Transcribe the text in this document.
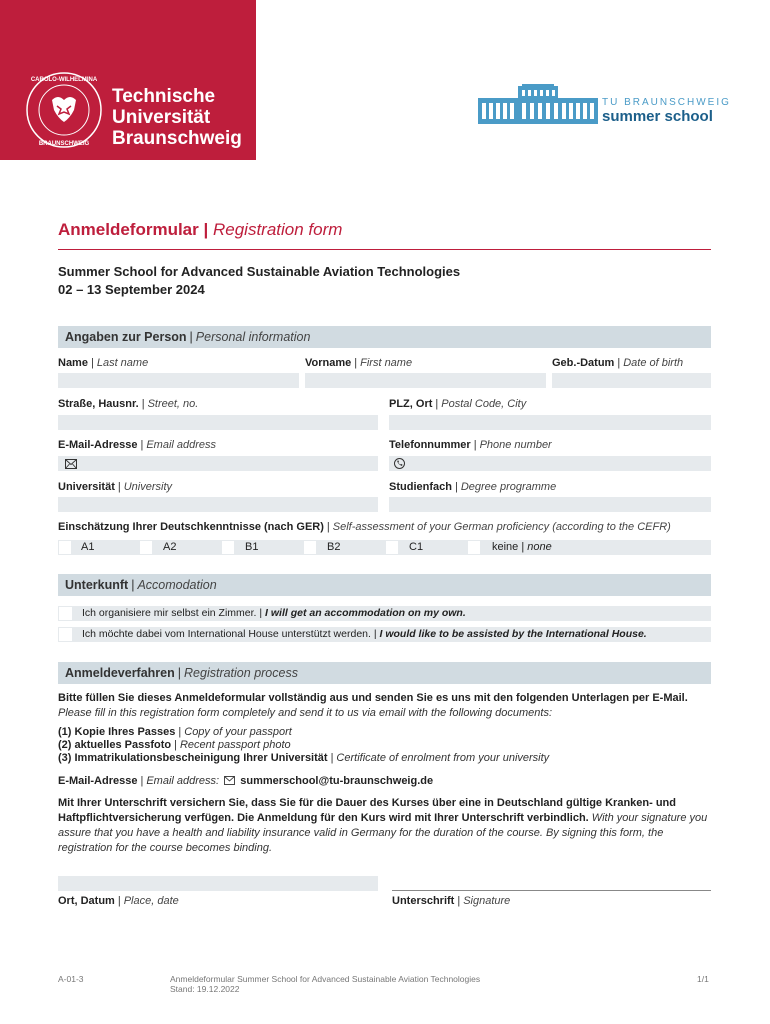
CAROLO-WILHELMINA
BRAUNSCHWEIG
Technische
Universität
Braunschweig
TU BRAUNSCHWEIG
summer school
Anmeldeformular | Registration form
Summer School for Advanced Sustainable Aviation Technologies
02 – 13 September 2024
Angaben zur Person | Personal information
Name | Last name	Vorname | First name	Geb.-Datum | Date of birth
Straße, Hausnr. | Street, no.	PLZ, Ort | Postal Code, City
E-Mail-Adresse | Email address	Telefonnummer | Phone number
Universität | University	Studienfach | Degree programme
Einschätzung Ihrer Deutschkenntnisse (nach GER) | Self-assessment of your German proficiency (according to the CEFR)
A1	A2	B1	B2	C1	keine | none
Unterkunft | Accomodation
Ich organisiere mir selbst ein Zimmer. | I will get an accommodation on my own.
Ich möchte dabei vom International House unterstützt werden. | I would like to be assisted by the International House.
Anmeldeverfahren | Registration process
Bitte füllen Sie dieses Anmeldeformular vollständig aus und senden Sie es uns mit den folgenden Unterlagen per E-Mail. Please fill in this registration form completely and send it to us via email with the following documents:
(1) Kopie Ihres Passes | Copy of your passport
(2) aktuelles Passfoto | Recent passport photo
(3) Immatrikulationsbescheinigung Ihrer Universität | Certificate of enrolment from your university
E-Mail-Adresse | Email address: summerschool@tu-braunschweig.de
Mit Ihrer Unterschrift versichern Sie, dass Sie für die Dauer des Kurses über eine in Deutschland gültige Kranken- und Haftpflichtversicherung verfügen. Die Anmeldung für den Kurs wird mit Ihrer Unterschrift verbindlich. With your signature you assure that you have a health and liability insurance valid in Germany for the duration of the course. By signing this form, the registration for the course becomes binding.
Ort, Datum | Place, date	Unterschrift | Signature
A-01-3	Anmeldeformular Summer School for Advanced Sustainable Aviation Technologies
Stand: 19.12.2022
1/1
